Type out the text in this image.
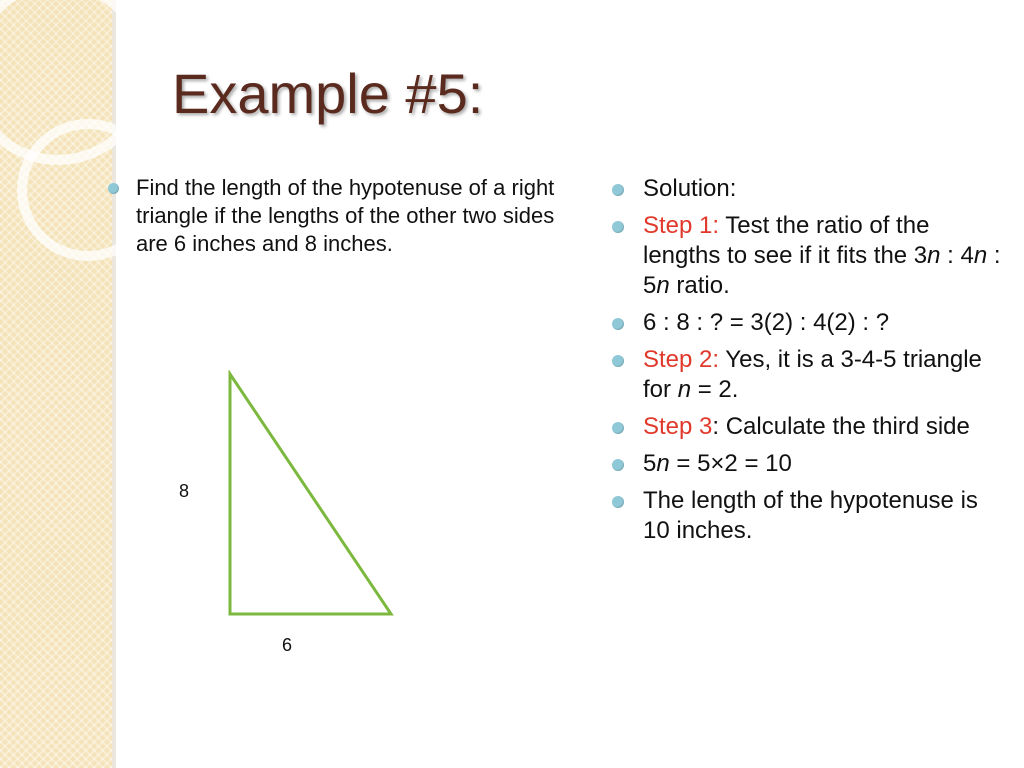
Example #5:
Find the length of the hypotenuse of a right triangle if the lengths of the other two sides are 6 inches and 8 inches.
8
6
Solution:
Step 1: Test the ratio of the lengths to see if it fits the 3n : 4n : 5n ratio.
6 : 8 : ? = 3(2) : 4(2) : ?
Step 2: Yes, it is a 3-4-5 triangle for n = 2.
Step 3: Calculate the third side
5n = 5×2 = 10
The length of the hypotenuse is 10 inches.
